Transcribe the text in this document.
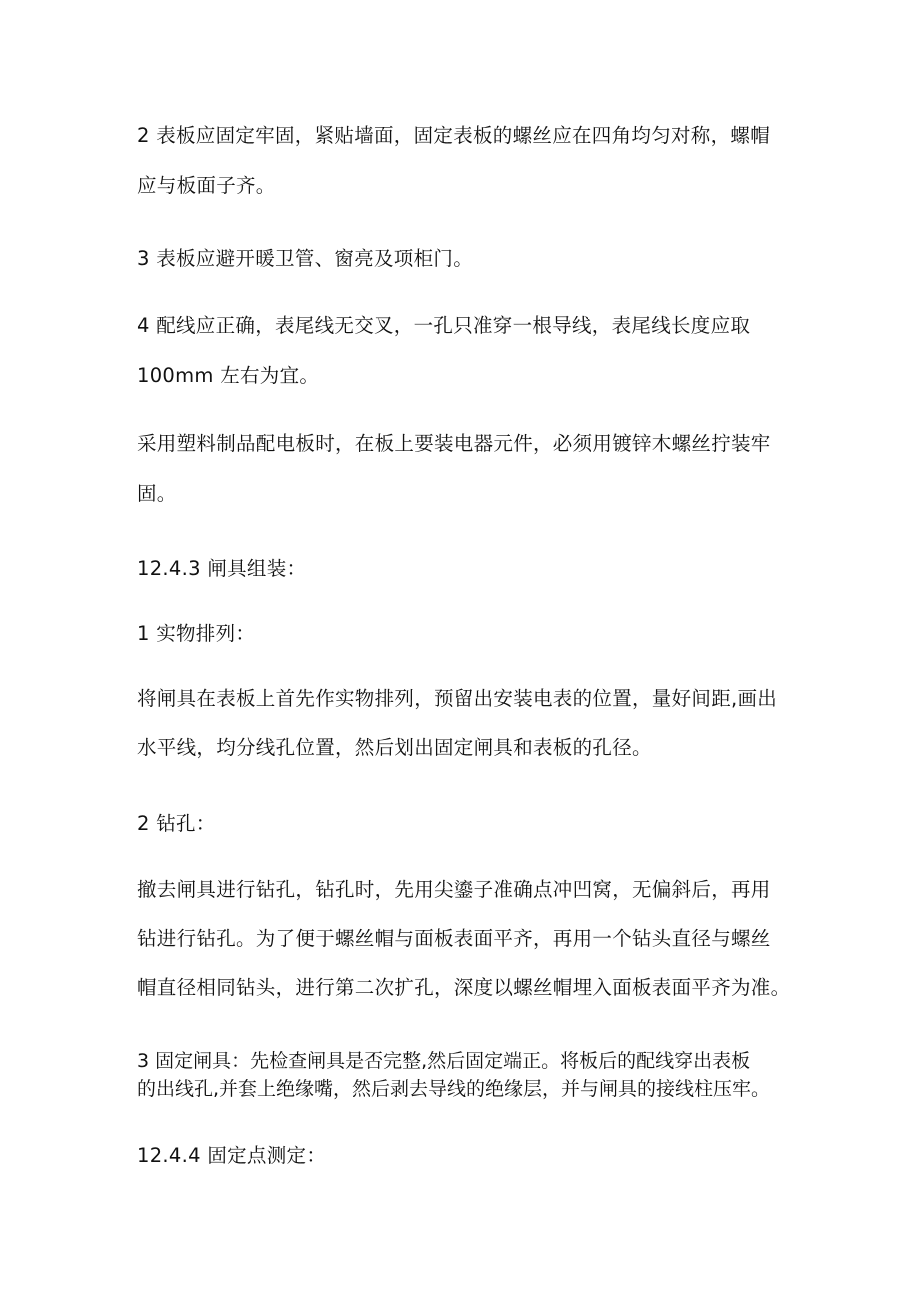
2 表板应固定牢固，紧贴墙面，固定表板的螺丝应在四角均匀对称，螺帽
应与板面子齐。
3 表板应避开暖卫管、窗亮及项柜门。
4 配线应正确，表尾线无交叉，一孔只准穿一根导线，表尾线长度应取
100mm 左右为宜。
采用塑料制品配电板时，在板上要装电器元件，必须用镀锌木螺丝拧装牢
固。
12.4.3 闸具组装：
1 实物排列：
将闸具在表板上首先作实物排列，预留出安装电表的位置，量好间距,画出
水平线，均分线孔位置，然后划出固定闸具和表板的孔径。
2 钻孔：
撤去闸具进行钻孔，钻孔时，先用尖鎏子准确点冲凹窝，无偏斜后，再用
钻进行钻孔。为了便于螺丝帽与面板表面平齐，再用一个钻头直径与螺丝
帽直径相同钻头，进行第二次扩孔，深度以螺丝帽埋入面板表面平齐为准。
3 固定闸具：先检查闸具是否完整,然后固定端正。将板后的配线穿出表板
的出线孔,并套上绝缘嘴，然后剥去导线的绝缘层，并与闸具的接线柱压牢。
12.4.4 固定点测定：
